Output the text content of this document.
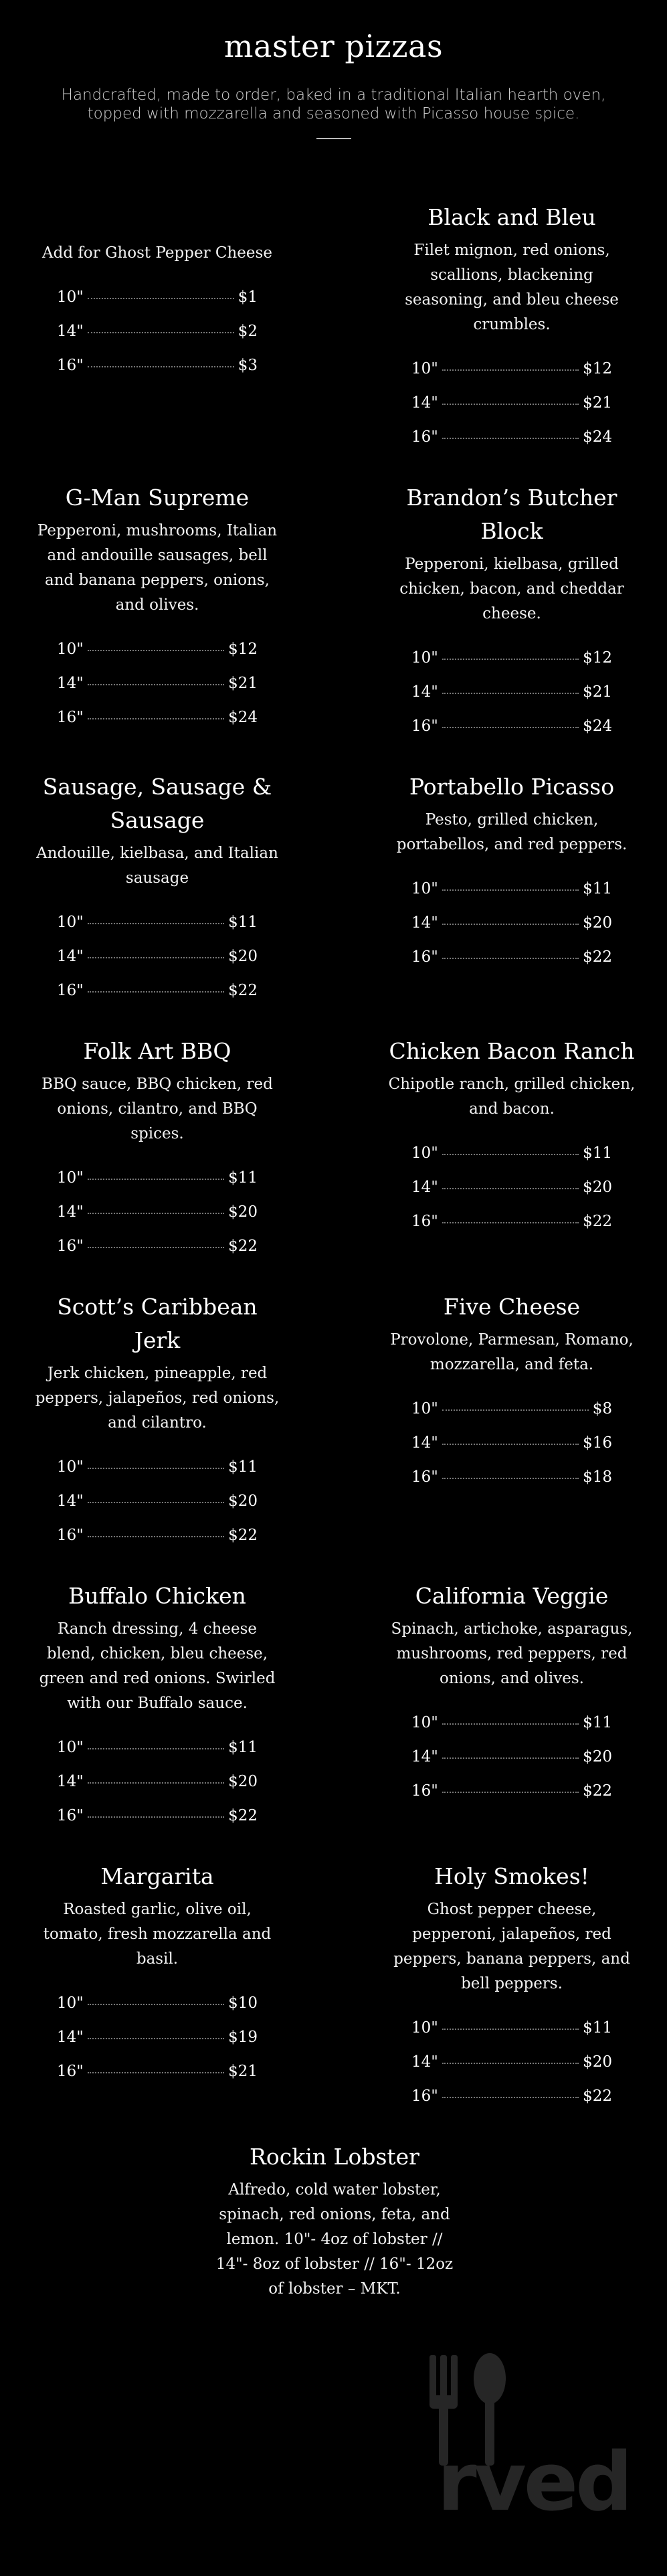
master pizzas

Handcrafted, made to order, baked in a traditional Italian hearth oven, topped with mozzarella and seasoned with Picasso house spice.

Add for Ghost Pepper Cheese

10"	$1
14"	$2
16"	$3
Black and Bleu

Filet mignon, red onions, scallions, blackening seasoning, and bleu cheese crumbles.

10"	$12
14"	$21
16"	$24
G-Man Supreme

Pepperoni, mushrooms, Italian and andouille sausages, bell and banana peppers, onions, and olives.

10"	$12
14"	$21
16"	$24
Brandon’s Butcher Block

Pepperoni, kielbasa, grilled chicken, bacon, and cheddar cheese.

10"	$12
14"	$21
16"	$24
Sausage, Sausage & Sausage

Andouille, kielbasa, and Italian sausage

10"	$11
14"	$20
16"	$22
Portabello Picasso

Pesto, grilled chicken, portabellos, and red peppers.

10"	$11
14"	$20
16"	$22
Folk Art BBQ

BBQ sauce, BBQ chicken, red onions, cilantro, and BBQ spices.

10"	$11
14"	$20
16"	$22
Chicken Bacon Ranch

Chipotle ranch, grilled chicken, and bacon.

10"	$11
14"	$20
16"	$22
Scott’s Caribbean Jerk

Jerk chicken, pineapple, red peppers, jalapeños, red onions, and cilantro.

10"	$11
14"	$20
16"	$22
Five Cheese

Provolone, Parmesan, Romano, mozzarella, and feta.

10"	$8
14"	$16
16"	$18
Buffalo Chicken

Ranch dressing, 4 cheese blend, chicken, bleu cheese, green and red onions. Swirled with our Buffalo sauce.

10"	$11
14"	$20
16"	$22
California Veggie

Spinach, artichoke, asparagus, mushrooms, red peppers, red onions, and olives.

10"	$11
14"	$20
16"	$22
Margarita

Roasted garlic, olive oil, tomato, fresh mozzarella and basil.

10"	$10
14"	$19
16"	$21
Holy Smokes!

Ghost pepper cheese, pepperoni, jalapeños, red peppers, banana peppers, and bell peppers.

10"	$11
14"	$20
16"	$22
Rockin Lobster

Alfredo, cold water lobster, spinach, red onions, feta, and lemon. 10"- 4oz of lobster // 14"- 8oz of lobster // 16"- 12oz of lobster – MKT.

rved
